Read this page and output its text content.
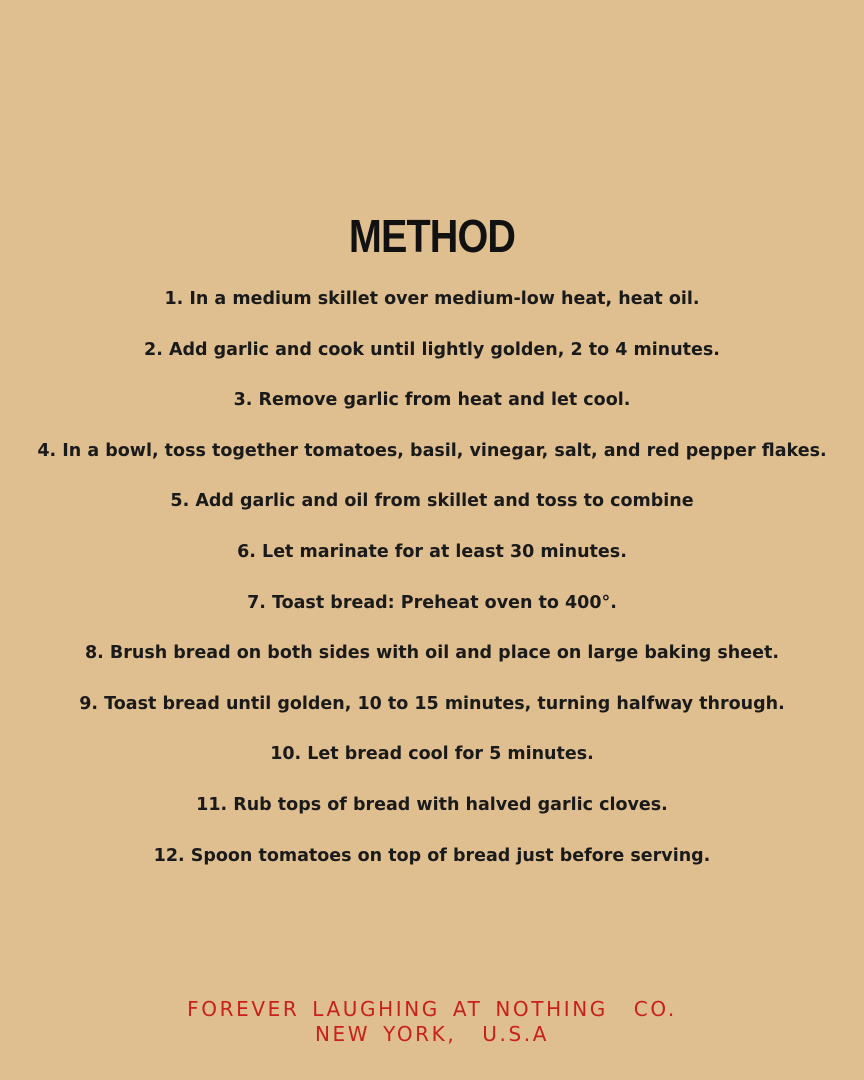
METHOD
1. In a medium skillet over medium-low heat, heat oil.
2. Add garlic and cook until lightly golden, 2 to 4 minutes.
3. Remove garlic from heat and let cool.
4. In a bowl, toss together tomatoes, basil, vinegar, salt, and red pepper flakes.
5. Add garlic and oil from skillet and toss to combine
6. Let marinate for at least 30 minutes.
7. Toast bread: Preheat oven to 400°.
8. Brush bread on both sides with oil and place on large baking sheet.
9. Toast bread until golden, 10 to 15 minutes, turning halfway through.
10. Let bread cool for 5 minutes.
11. Rub tops of bread with halved garlic cloves.
12. Spoon tomatoes on top of bread just before serving.
FOREVER LAUGHING AT NOTHING  CO.
NEW YORK,  U.S.A
